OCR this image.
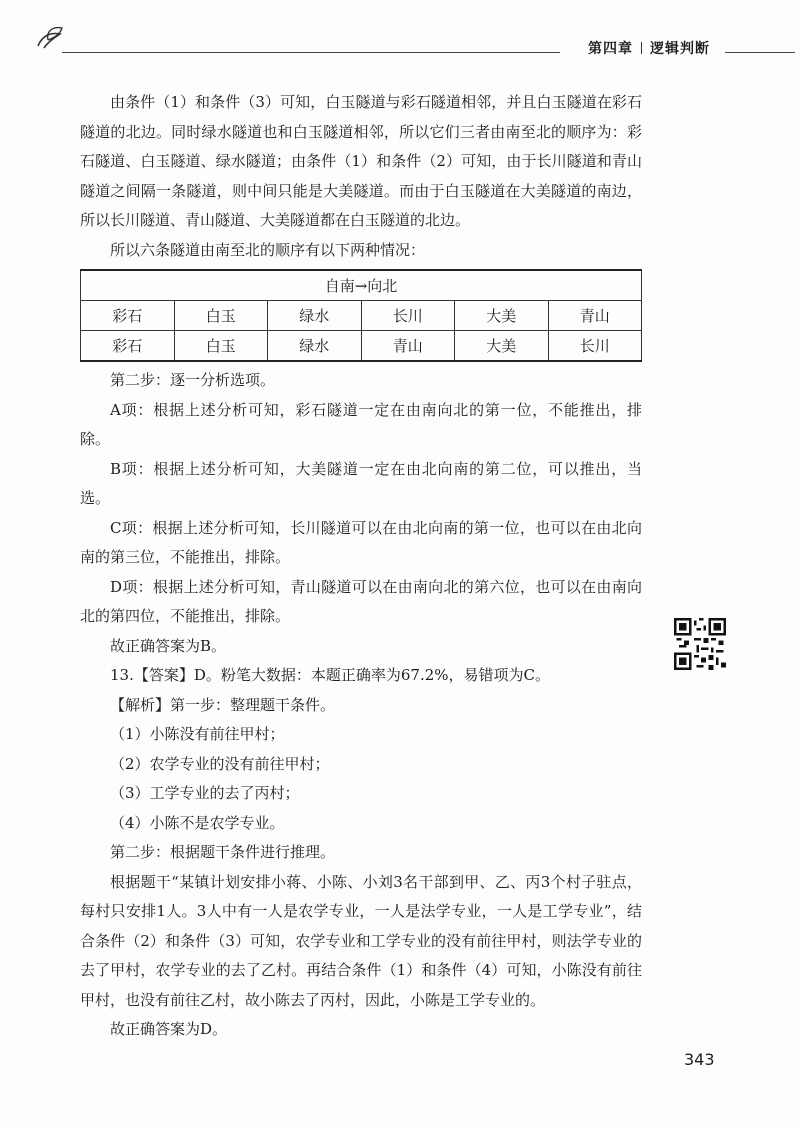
第四章 逻辑判断

由条件（1）和条件（3）可知，白玉隧道与彩石隧道相邻，并且白玉隧道在彩石隧道的北边。同时绿水隧道也和白玉隧道相邻，所以它们三者由南至北的顺序为：彩石隧道、白玉隧道、绿水隧道；由条件（1）和条件（2）可知，由于长川隧道和青山隧道之间隔一条隧道，则中间只能是大美隧道。而由于白玉隧道在大美隧道的南边，所以长川隧道、青山隧道、大美隧道都在白玉隧道的北边。

所以六条隧道由南至北的顺序有以下两种情况：

自南→向北					
彩石	白玉	绿水	长川	大美	青山
彩石	白玉	绿水	青山	大美	长川

第二步：逐一分析选项。

A项：根据上述分析可知，彩石隧道一定在由南向北的第一位，不能推出，排除。

B项：根据上述分析可知，大美隧道一定在由北向南的第二位，可以推出，当选。

C项：根据上述分析可知，长川隧道可以在由北向南的第一位，也可以在由北向南的第三位，不能推出，排除。

D项：根据上述分析可知，青山隧道可以在由南向北的第六位，也可以在由南向北的第四位，不能推出，排除。

故正确答案为B。

13.【答案】D。粉笔大数据：本题正确率为67.2%，易错项为C。

【解析】第一步：整理题干条件。

（1）小陈没有前往甲村；

（2）农学专业的没有前往甲村；

（3）工学专业的去了丙村；

（4）小陈不是农学专业。

第二步：根据题干条件进行推理。

根据题干“某镇计划安排小蒋、小陈、小刘3名干部到甲、乙、丙3个村子驻点，每村只安排1人。3人中有一人是农学专业，一人是法学专业，一人是工学专业”，结合条件（2）和条件（3）可知，农学专业和工学专业的没有前往甲村，则法学专业的去了甲村，农学专业的去了乙村。再结合条件（1）和条件（4）可知，小陈没有前往甲村，也没有前往乙村，故小陈去了丙村，因此，小陈是工学专业的。

故正确答案为D。

343
